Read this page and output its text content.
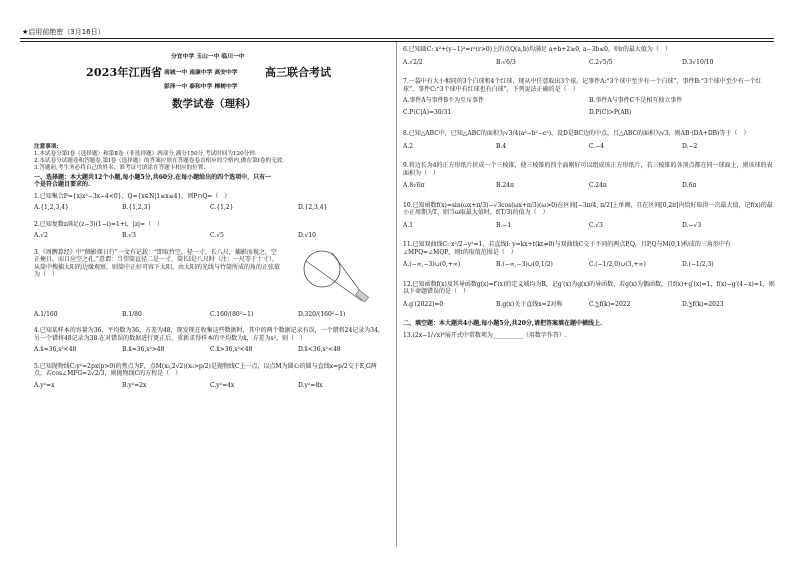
★启用前绝密（3月16日）
分宜中学 玉山一中 临川一中
2023年江西省 南城一中 南康中学 高安中学 高三联合考试
彭泽一中 泰和中学 樟树中学
数学试卷（理科）

注意事项:

1.本试卷分第Ⅰ卷（选择题）和第Ⅱ卷（非选择题）两部分,满分150分,考试时间为120分钟.

2.本试卷分试题卷和答题卷,第Ⅰ卷（选择题）的答案应填在答题卷卷首相应的空格内,做在第Ⅰ卷的无效.

3.答题前,考生务必将自己的姓名、准考证号填涂在答题卡相应的位置.

一、选择题：本大题共12个小题,每小题5分,共60分.在每小题给出的四个选项中，只有一
个是符合题目要求的.
1.已知集合P={x|x²−3x−4<0}，Q={x∈N|1≤x≤4}，则P∩Q=（　）
A.{1,2,3,4}	B.{1,2,3}	C.{1,2}	D.{2,3,4}
2.已知复数z满足(z−3)(1−i)=1+i，|z|=（　）
A.√2	B.√3	C.√5	D.√10
3.《周髀算经》中“侧影探日行”一文有记载：“即取竹空，径一寸，长八尺，捕影而视之，空正掩日，而日应空之孔.”意谓：当望筒直径二是一寸，筒长l是八尺时（注：一尺等于十寸），从筒中搜捕太阳的边缘观察，则筒中正好可容下太阳，由太阳的光线与竹筒所成的角的正弦值为（　）
A.1/160	B.1/80	C.160/(80²−1)	D.320/(160²−1)
4.已知某样本的容量为36，平均数为36，方差为48，现发现在收集这些数据时，其中的两个数据记录有误，一个错将24记录为34，另一个错将48记录为38.在对错误的数据进行更正后，重新求得样本的平均数为x̄，方差为s²，则（　）
A.x̄=36,s²<48	B.x̄=36,s²>48	C.x̄>36,s²<48	D.x̄<36,s²<48
5.已知抛物线C:y²=2px(p>0)的焦点为F，点M(x₀,2√2)(x₀>p/2)是抛物线C上一点，以点M为圆心的圆与直线x=p/2交于E,G两点，若cos∠MFG=2√2/3，则抛物线C的方程是（　）
A.y²=x	B.y²=2x	C.y²=4x	D.y²=8x
6.已知圆C: x²+(y−1)²=r²(r>0)上的点Q(a,b)均满足 a+b+2≥0, a−3b≤0，则r的最大值为（　）
A.√2/2	B.√6/3	C.2√5/5	D.3√10/10
7.一袋中有大小相同的3个白球和4个红球，现从中任意取出3个球，记事件A:“3个球中至少有一个白球”，事件B:“3个球中至少有一个红球”，事件C:“3个球中有红球也有白球”，下列说法正确的是（　）
A.事件A与事件B不为互斥事件	B.事件A与事件C不是相互独立事件
C.P(C|A)=30/31	D.P(C)>P(AB)
8.已知△ABC中，已知△ABC的面积为√3/4(a²−b²−c²)，设D是BC边的中点，且△ABC的面积为√3，则AB·(DA+DB)等于（　）
A.2	B.4	C.−4	D.−2
9.将边长为4的正方形纸片折成一个三棱锥，使三棱锥的四个面刚好可以组成该正方形纸片，若三棱锥的各顶点都在同一球面上，则该球的表面积为（　）
A.8√6π	B.24π	C.24π	D.6π
10.已知函数f(x)=sin(ωx+π/3)−√3cos(ωx+π/3)(ω>0)在区间[−3π/4, π/2]上单调，且在区间[0,2π]内恰好取得一次最大值，记f(x)的最小正周期为T，则当ω取最大值时，f(T/3)的值为（　）
A.1	B.−1	C.√3	D.−√3
11.已知双曲线C: x²/2−y²=1，若直线l: y=kx+t(kt≠0)与双曲线C交于不同的两点P,Q，且P,Q与M(0,1)构成的三角形中有∠MPQ=∠MQP，则t的取值范围是（　）
A.(−∞,−3)∪(0,+∞)	B.(−∞,−3)∪(0,1/2)	C.(−1/2,0)∪(3,+∞)	D.(−1/2,3)
12.已知函数f(x)及其导函数g(x)=f′(x)的定义域均为R，记g′(x)为g(x)的导函数，若g(x)为偶函数，且f(x)+g′(x)=1，f(x)−g′(4−x)=1，则以下命题错误的是（　）
A.g′(2022)=0	B.g(x)关于直线x=2对称	C.∑f(k)=2022	D.∑f(k)=2023
二、填空题：本大题共4小题,每小题5分,共20分,请把答案填在题中横线上.
13.(2x−1/√x)⁶展开式中常数项为__________（用数字作答）.
